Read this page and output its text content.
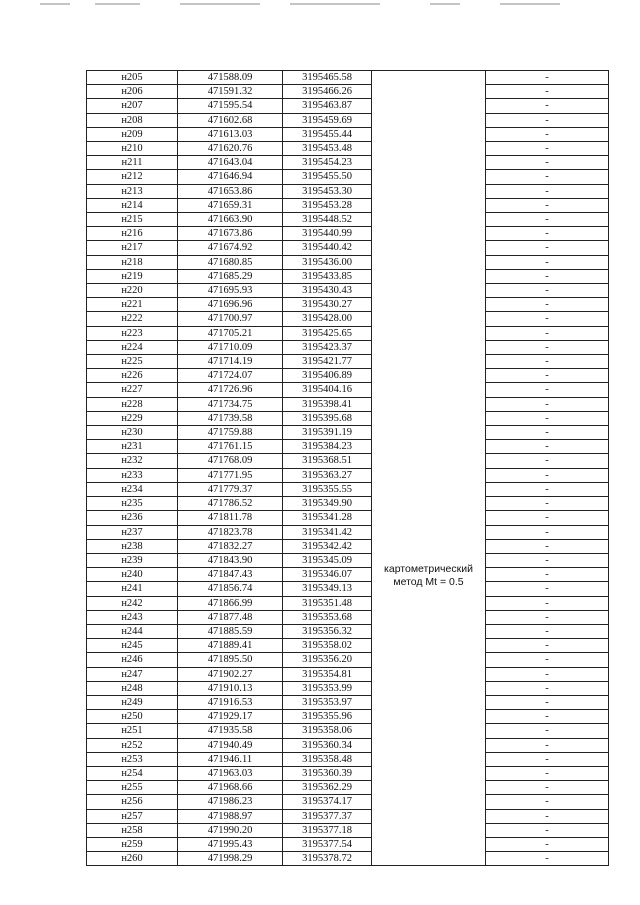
н205	471588.09	3195465.58	картометрический
метод Mt = 0.5	-
н206	471591.32	3195466.26		-
н207	471595.54	3195463.87		-
н208	471602.68	3195459.69		-
н209	471613.03	3195455.44		-
н210	471620.76	3195453.48		-
н211	471643.04	3195454.23		-
н212	471646.94	3195455.50		-
н213	471653.86	3195453.30		-
н214	471659.31	3195453.28		-
н215	471663.90	3195448.52		-
н216	471673.86	3195440.99		-
н217	471674.92	3195440.42		-
н218	471680.85	3195436.00		-
н219	471685.29	3195433.85		-
н220	471695.93	3195430.43		-
н221	471696.96	3195430.27		-
н222	471700.97	3195428.00		-
н223	471705.21	3195425.65		-
н224	471710.09	3195423.37		-
н225	471714.19	3195421.77		-
н226	471724.07	3195406.89		-
н227	471726.96	3195404.16		-
н228	471734.75	3195398.41		-
н229	471739.58	3195395.68		-
н230	471759.88	3195391.19		-
н231	471761.15	3195384.23		-
н232	471768.09	3195368.51		-
н233	471771.95	3195363.27		-
н234	471779.37	3195355.55		-
н235	471786.52	3195349.90		-
н236	471811.78	3195341.28		-
н237	471823.78	3195341.42		-
н238	471832.27	3195342.42		-
н239	471843.90	3195345.09		-
н240	471847.43	3195346.07		-
н241	471856.74	3195349.13		-
н242	471866.99	3195351.48		-
н243	471877.48	3195353.68		-
н244	471885.59	3195356.32		-
н245	471889.41	3195358.02		-
н246	471895.50	3195356.20		-
н247	471902.27	3195354.81		-
н248	471910.13	3195353.99		-
н249	471916.53	3195353.97		-
н250	471929.17	3195355.96		-
н251	471935.58	3195358.06		-
н252	471940.49	3195360.34		-
н253	471946.11	3195358.48		-
н254	471963.03	3195360.39		-
н255	471968.66	3195362.29		-
н256	471986.23	3195374.17		-
н257	471988.97	3195377.37		-
н258	471990.20	3195377.18		-
н259	471995.43	3195377.54		-
н260	471998.29	3195378.72		-
